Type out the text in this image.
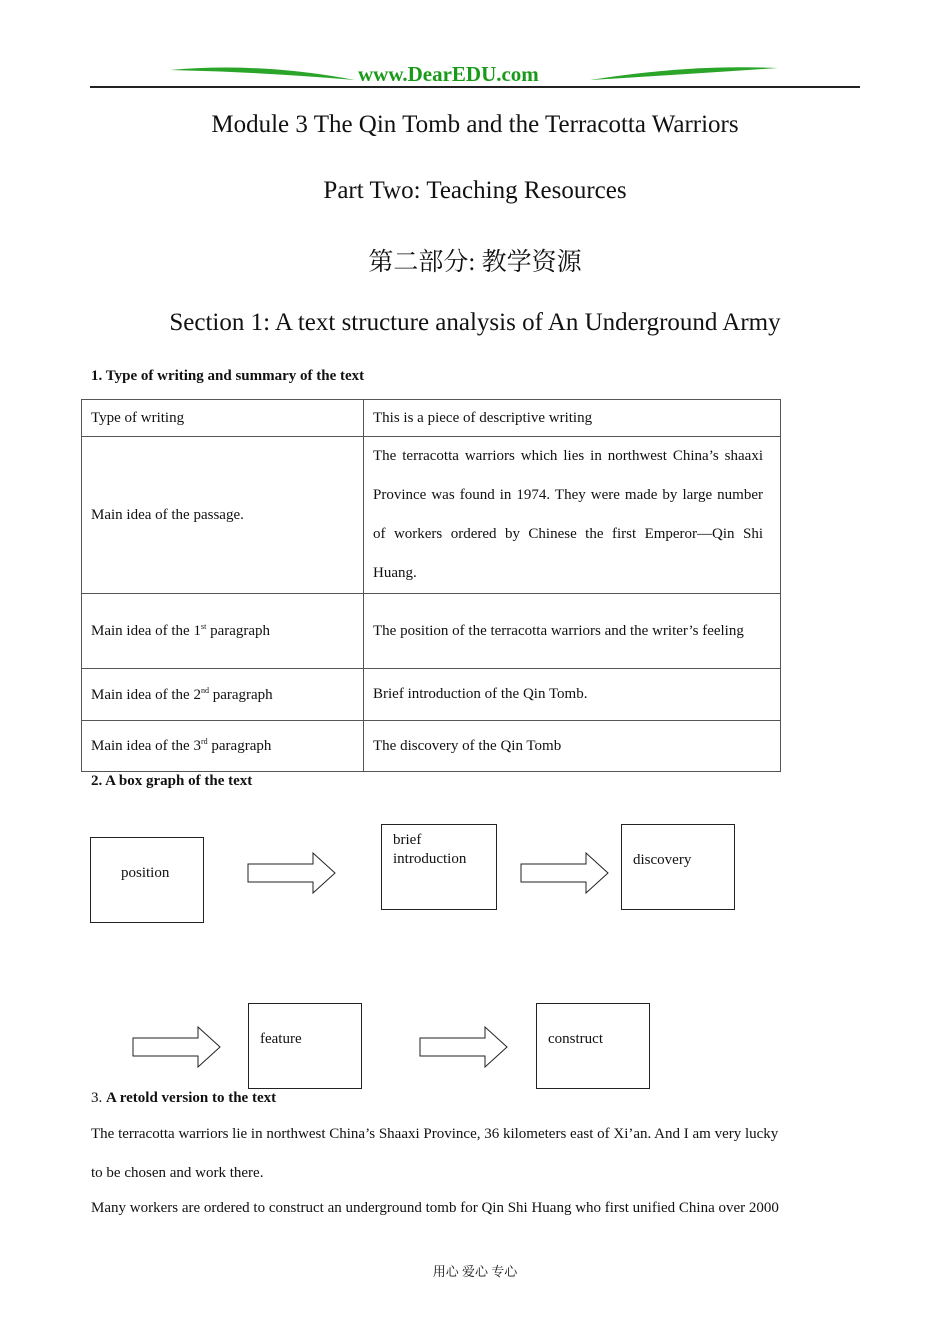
www.DearEDU.com
Module 3 The Qin Tomb and the Terracotta Warriors
Part Two: Teaching Resources
第二部分: 教学资源
Section 1: A text structure analysis of An Underground Army
1. Type of writing and summary of the text
Type of writing	This is a piece of descriptive writing
Main idea of the passage.	The terracotta warriors which lies in northwest China’s shaaxi Province was found in 1974. They were made by large number of workers ordered by Chinese the first Emperor—Qin Shi Huang.
Main idea of the 1st paragraph	The position of the terracotta warriors and the writer’s feeling
Main idea of the 2nd paragraph	Brief introduction of the Qin Tomb.
Main idea of the 3rd paragraph	The discovery of the Qin Tomb
2. A box graph of the text
position
brief introduction	discovery
feature	construct
3. A retold version to the text
The terracotta warriors lie in northwest China’s Shaaxi Province, 36 kilometers east of Xi’an. And I am very lucky
to be chosen and work there.
Many workers are ordered to construct an underground tomb for Qin Shi Huang who first unified China over 2000
用心 爱心 专心
